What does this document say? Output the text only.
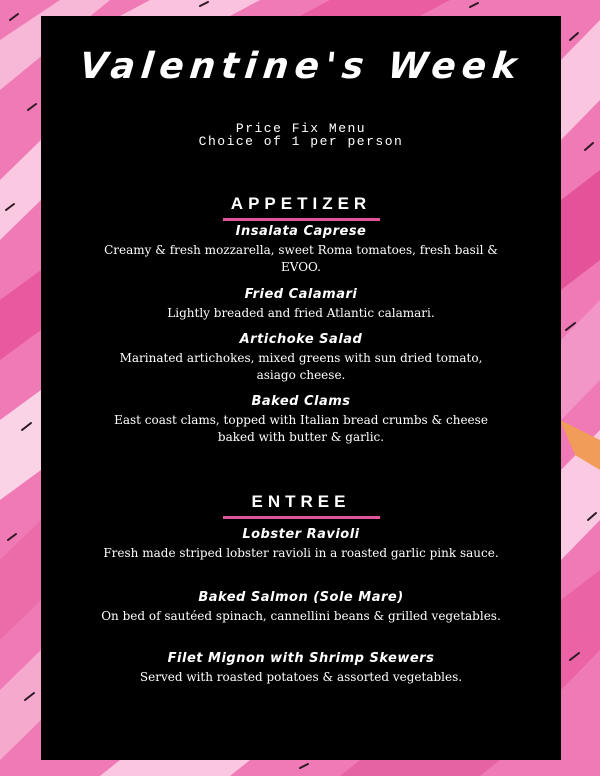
Valentine's Week
Price Fix Menu
Choice of 1 per person
APPETIZER
Insalata Caprese
Creamy & fresh mozzarella, sweet Roma tomatoes, fresh basil & EVOO.
Fried Calamari
Lightly breaded and fried Atlantic calamari.
Artichoke Salad
Marinated artichokes, mixed greens with sun dried tomato, asiago cheese.
Baked Clams
East coast clams, topped with Italian bread crumbs & cheese baked with butter & garlic.
ENTREE
Lobster Ravioli
Fresh made striped lobster ravioli in a roasted garlic pink sauce.
Baked Salmon (Sole Mare)
On bed of sautéed spinach, cannellini beans & grilled vegetables.
Filet Mignon with Shrimp Skewers
Served with roasted potatoes & assorted vegetables.
